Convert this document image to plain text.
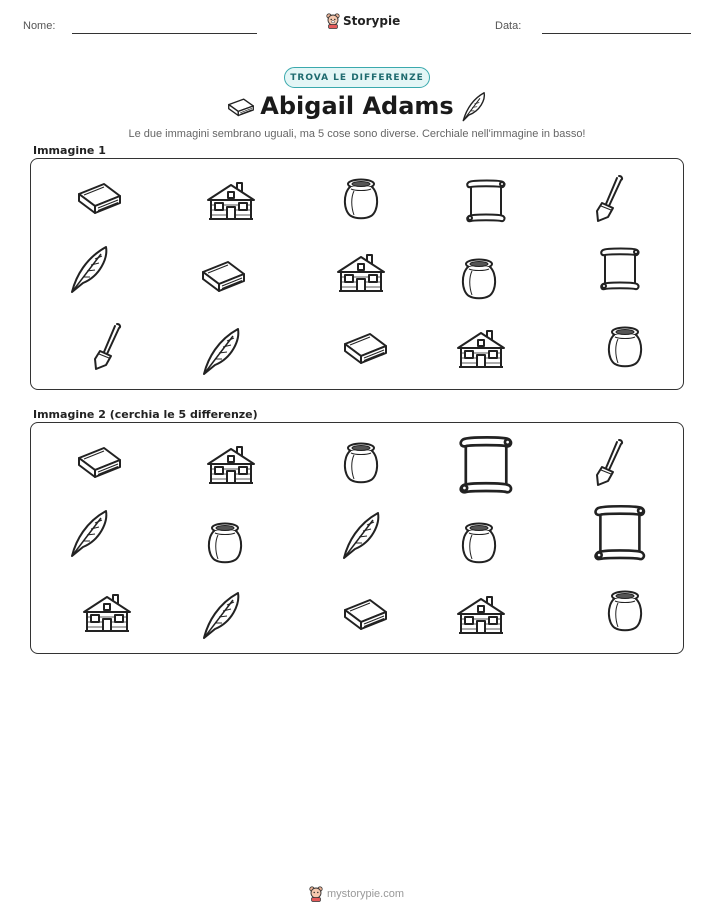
Nome:	Data:
Storypie
TROVA LE DIFFERENZE
Abigail Adams
Le due immagini sembrano uguali, ma 5 cose sono diverse. Cerchiale nell'immagine in basso!
Immagine 1
Immagine 2 (cerchia le 5 differenze)
mystorypie.com
